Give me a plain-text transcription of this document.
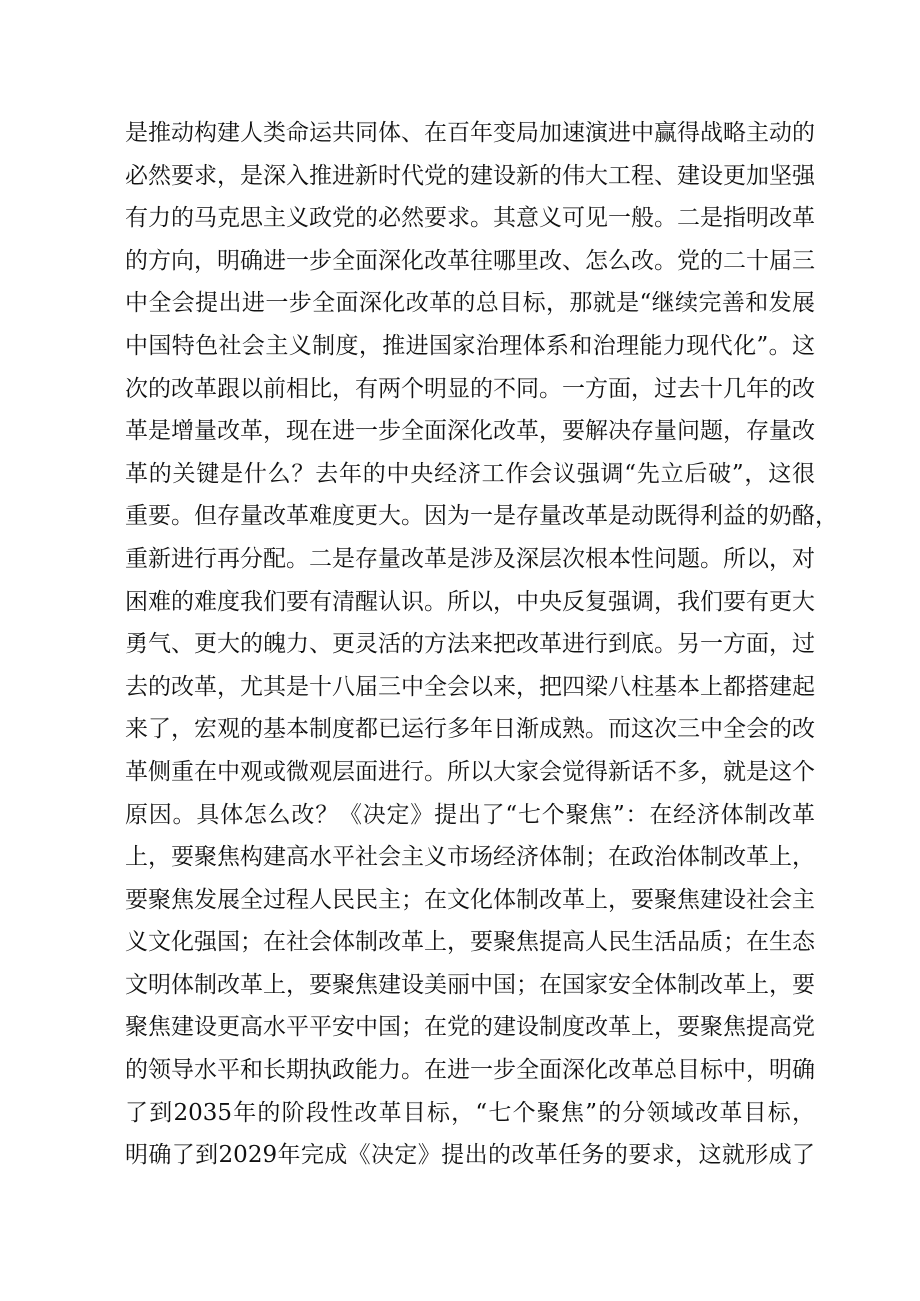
是推动构建人类命运共同体、在百年变局加速演进中赢得战略主动的
必然要求，是深入推进新时代党的建设新的伟大工程、建设更加坚强
有力的马克思主义政党的必然要求。其意义可见一般。二是指明改革
的方向，明确进一步全面深化改革往哪里改、怎么改。党的二十届三
中全会提出进一步全面深化改革的总目标，那就是“继续完善和发展
中国特色社会主义制度，推进国家治理体系和治理能力现代化”。这
次的改革跟以前相比，有两个明显的不同。一方面，过去十几年的改
革是增量改革，现在进一步全面深化改革，要解决存量问题，存量改
革的关键是什么？去年的中央经济工作会议强调“先立后破”，这很
重要。但存量改革难度更大。因为一是存量改革是动既得利益的奶酪，
重新进行再分配。二是存量改革是涉及深层次根本性问题。所以，对
困难的难度我们要有清醒认识。所以，中央反复强调，我们要有更大
勇气、更大的魄力、更灵活的方法来把改革进行到底。另一方面，过
去的改革，尤其是十八届三中全会以来，把四梁八柱基本上都搭建起
来了，宏观的基本制度都已运行多年日渐成熟。而这次三中全会的改
革侧重在中观或微观层面进行。所以大家会觉得新话不多，就是这个
原因。具体怎么改？《决定》提出了“七个聚焦”：在经济体制改革
上，要聚焦构建高水平社会主义市场经济体制；在政治体制改革上，
要聚焦发展全过程人民民主；在文化体制改革上，要聚焦建设社会主
义文化强国；在社会体制改革上，要聚焦提高人民生活品质；在生态
文明体制改革上，要聚焦建设美丽中国；在国家安全体制改革上，要
聚焦建设更高水平平安中国；在党的建设制度改革上，要聚焦提高党
的领导水平和长期执政能力。在进一步全面深化改革总目标中，明确
了到2035年的阶段性改革目标，“七个聚焦”的分领域改革目标，
明确了到2029年完成《决定》提出的改革任务的要求，这就形成了
